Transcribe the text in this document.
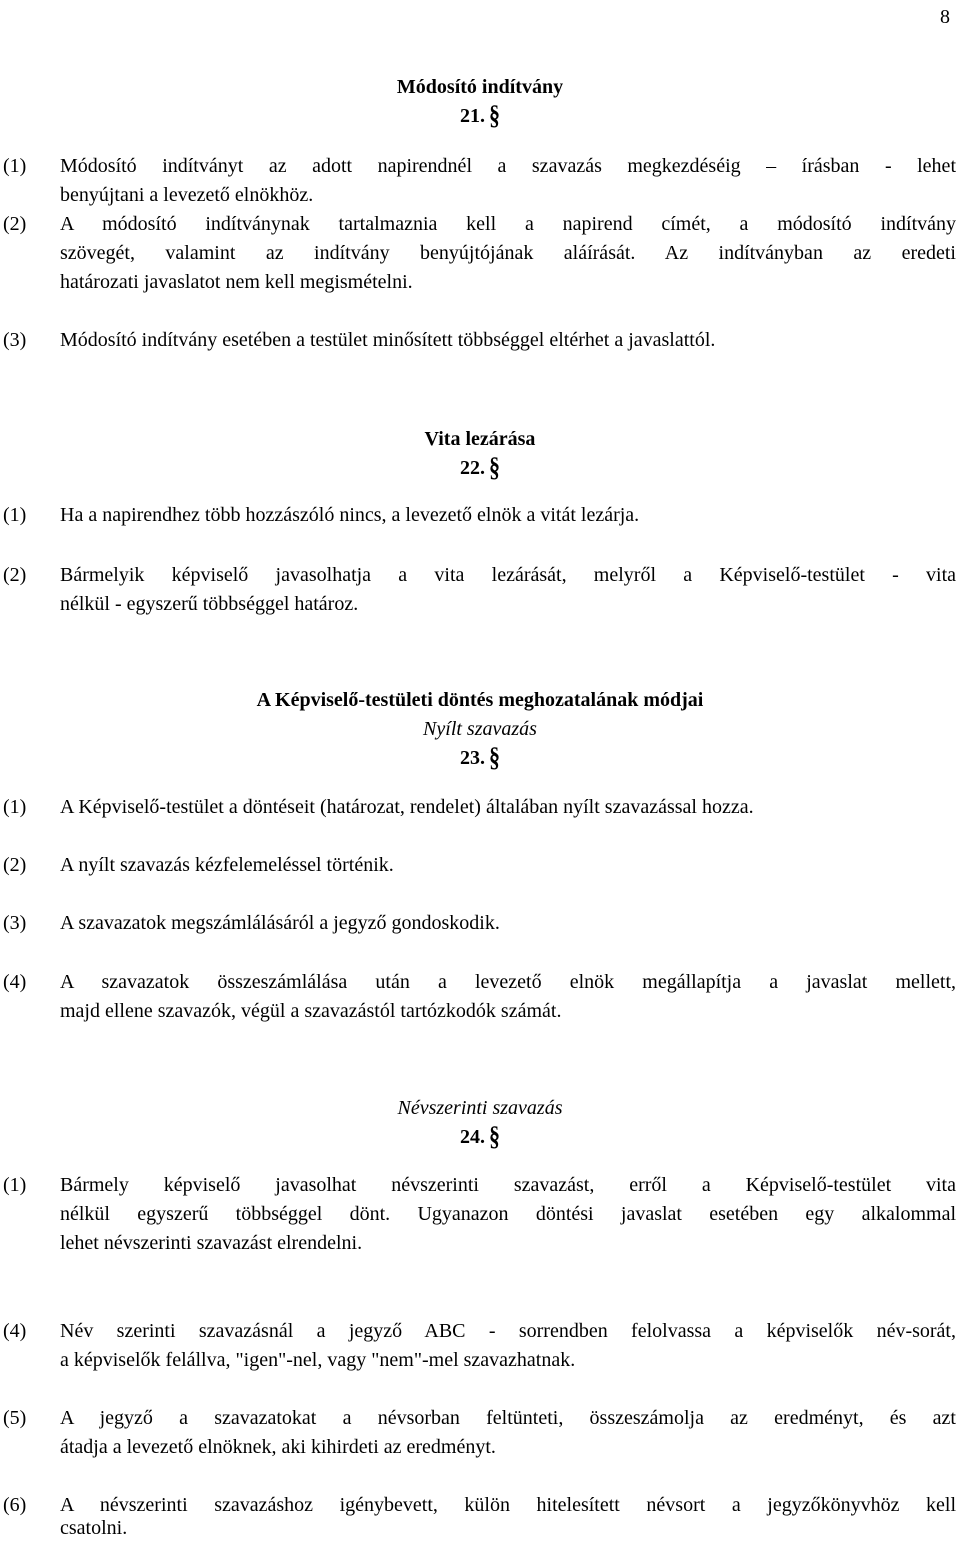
8
Módosító indítvány
21. §
(1) Módosító indítványt az adott napirendnél a szavazás megkezdéséig – írásban - lehet
benyújtani a levezető elnökhöz.
(2) A módosító indítványnak tartalmaznia kell a napirend címét, a módosító indítvány
szövegét, valamint az indítvány benyújtójának aláírását. Az indítványban az eredeti
határozati javaslatot nem kell megismételni.
(3) Módosító indítvány esetében a testület minősített többséggel eltérhet a javaslattól.
Vita lezárása
22. §
(1) Ha a napirendhez több hozzászóló nincs, a levezető elnök a vitát lezárja.
(2) Bármelyik képviselő javasolhatja a vita lezárását, melyről a Képviselő-testület - vita
nélkül - egyszerű többséggel határoz.
A Képviselő-testületi döntés meghozatalának módjai
Nyílt szavazás
23. §
(1) A Képviselő-testület a döntéseit (határozat, rendelet) általában nyílt szavazással hozza.
(2) A nyílt szavazás kézfelemeléssel történik.
(3) A szavazatok megszámlálásáról a jegyző gondoskodik.
(4) A szavazatok összeszámlálása után a levezető elnök megállapítja a javaslat mellett,
majd ellene szavazók, végül a szavazástól tartózkodók számát.
Névszerinti szavazás
24. §
(1) Bármely képviselő javasolhat névszerinti szavazást, erről a Képviselő-testület vita
nélkül egyszerű többséggel dönt. Ugyanazon döntési javaslat esetében egy alkalommal
lehet névszerinti szavazást elrendelni.
(4) Név szerinti szavazásnál a jegyző ABC - sorrendben felolvassa a képviselők név-sorát,
a képviselők felállva, "igen"-nel, vagy "nem"-mel szavazhatnak.
(5) A jegyző a szavazatokat a névsorban feltünteti, összeszámolja az eredményt, és azt
átadja a levezető elnöknek, aki kihirdeti az eredményt.
(6) A névszerinti szavazáshoz igénybevett, külön hitelesített névsort a jegyzőkönyvhöz kell
csatolni.
